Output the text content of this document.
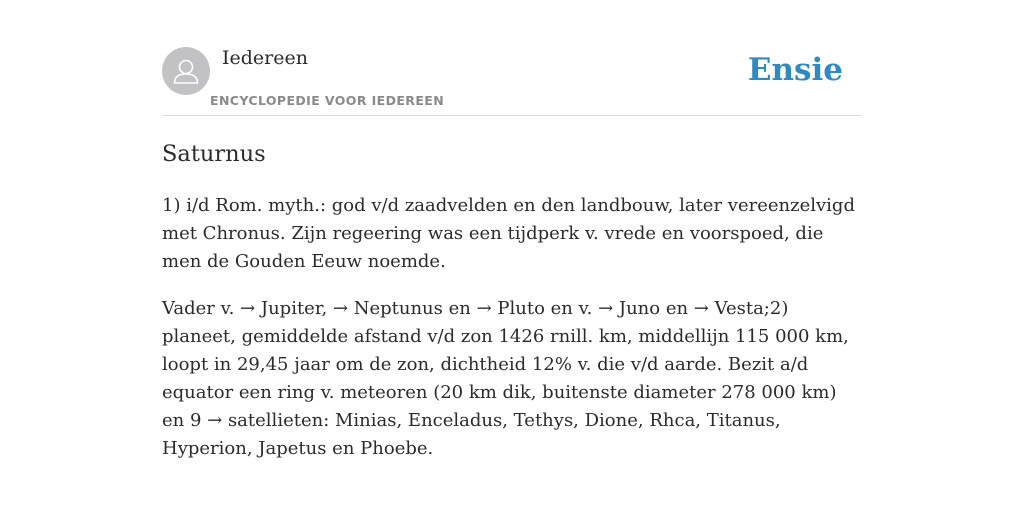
Iedereen
ENCYCLOPEDIE VOOR IEDEREEN
Ensie
Saturnus

1) i/d Rom. myth.: god v/d zaadvelden en den landbouw, later vereenzelvigd met Chronus. Zijn regeering was een tijdperk v. vrede en voorspoed, die men de Gouden Eeuw noemde.

Vader v. → Jupiter, → Neptunus en → Pluto en v. → Juno en → Vesta;2) planeet, gemiddelde afstand v/d zon 1426 rnill. km, middellijn 115 000 km, loopt in 29,45 jaar om de zon, dichtheid 12% v. die v/d aarde. Bezit a/d equator een ring v. meteoren (20 km dik, buitenste diameter 278 000 km) en 9 → satellieten: Minias, Enceladus, Tethys, Dione, Rhca, Titanus, Hyperion, Japetus en Phoebe.
